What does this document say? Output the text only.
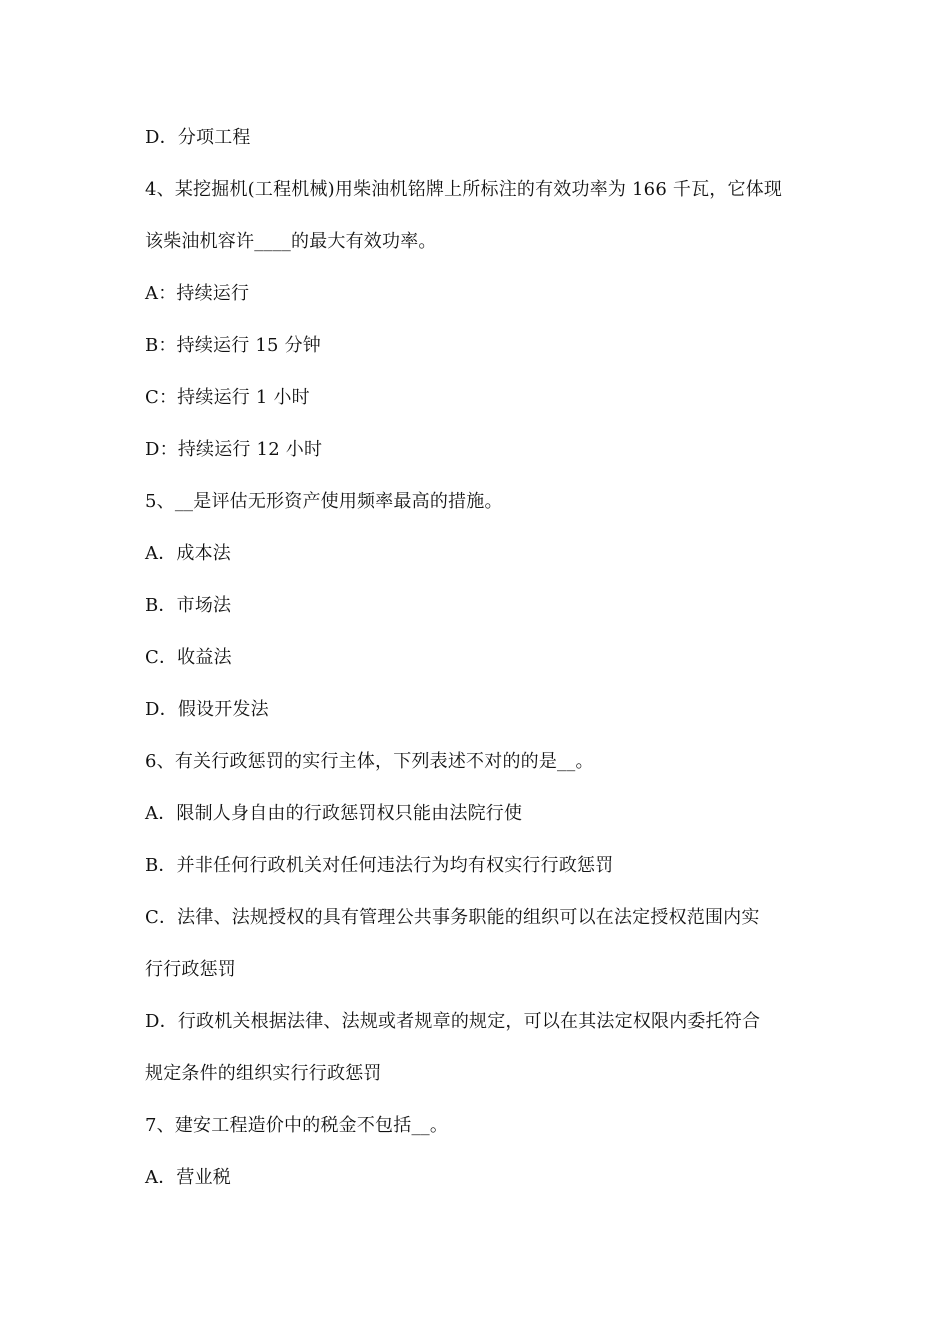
D．分项工程
4、某挖掘机(工程机械)用柴油机铭牌上所标注的有效功率为 166 千瓦，它体现
该柴油机容许____的最大有效功率。
A：持续运行
B：持续运行 15 分钟
C：持续运行 1 小时
D：持续运行 12 小时
5、__是评估无形资产使用频率最高的措施。
A．成本法
B．市场法
C．收益法
D．假设开发法
6、有关行政惩罚的实行主体，下列表述不对的的是__。
A．限制人身自由的行政惩罚权只能由法院行使
B．并非任何行政机关对任何违法行为均有权实行行政惩罚
C．法律、法规授权的具有管理公共事务职能的组织可以在法定授权范围内实
行行政惩罚
D．行政机关根据法律、法规或者规章的规定，可以在其法定权限内委托符合
规定条件的组织实行行政惩罚
7、建安工程造价中的税金不包括__。
A．营业税
